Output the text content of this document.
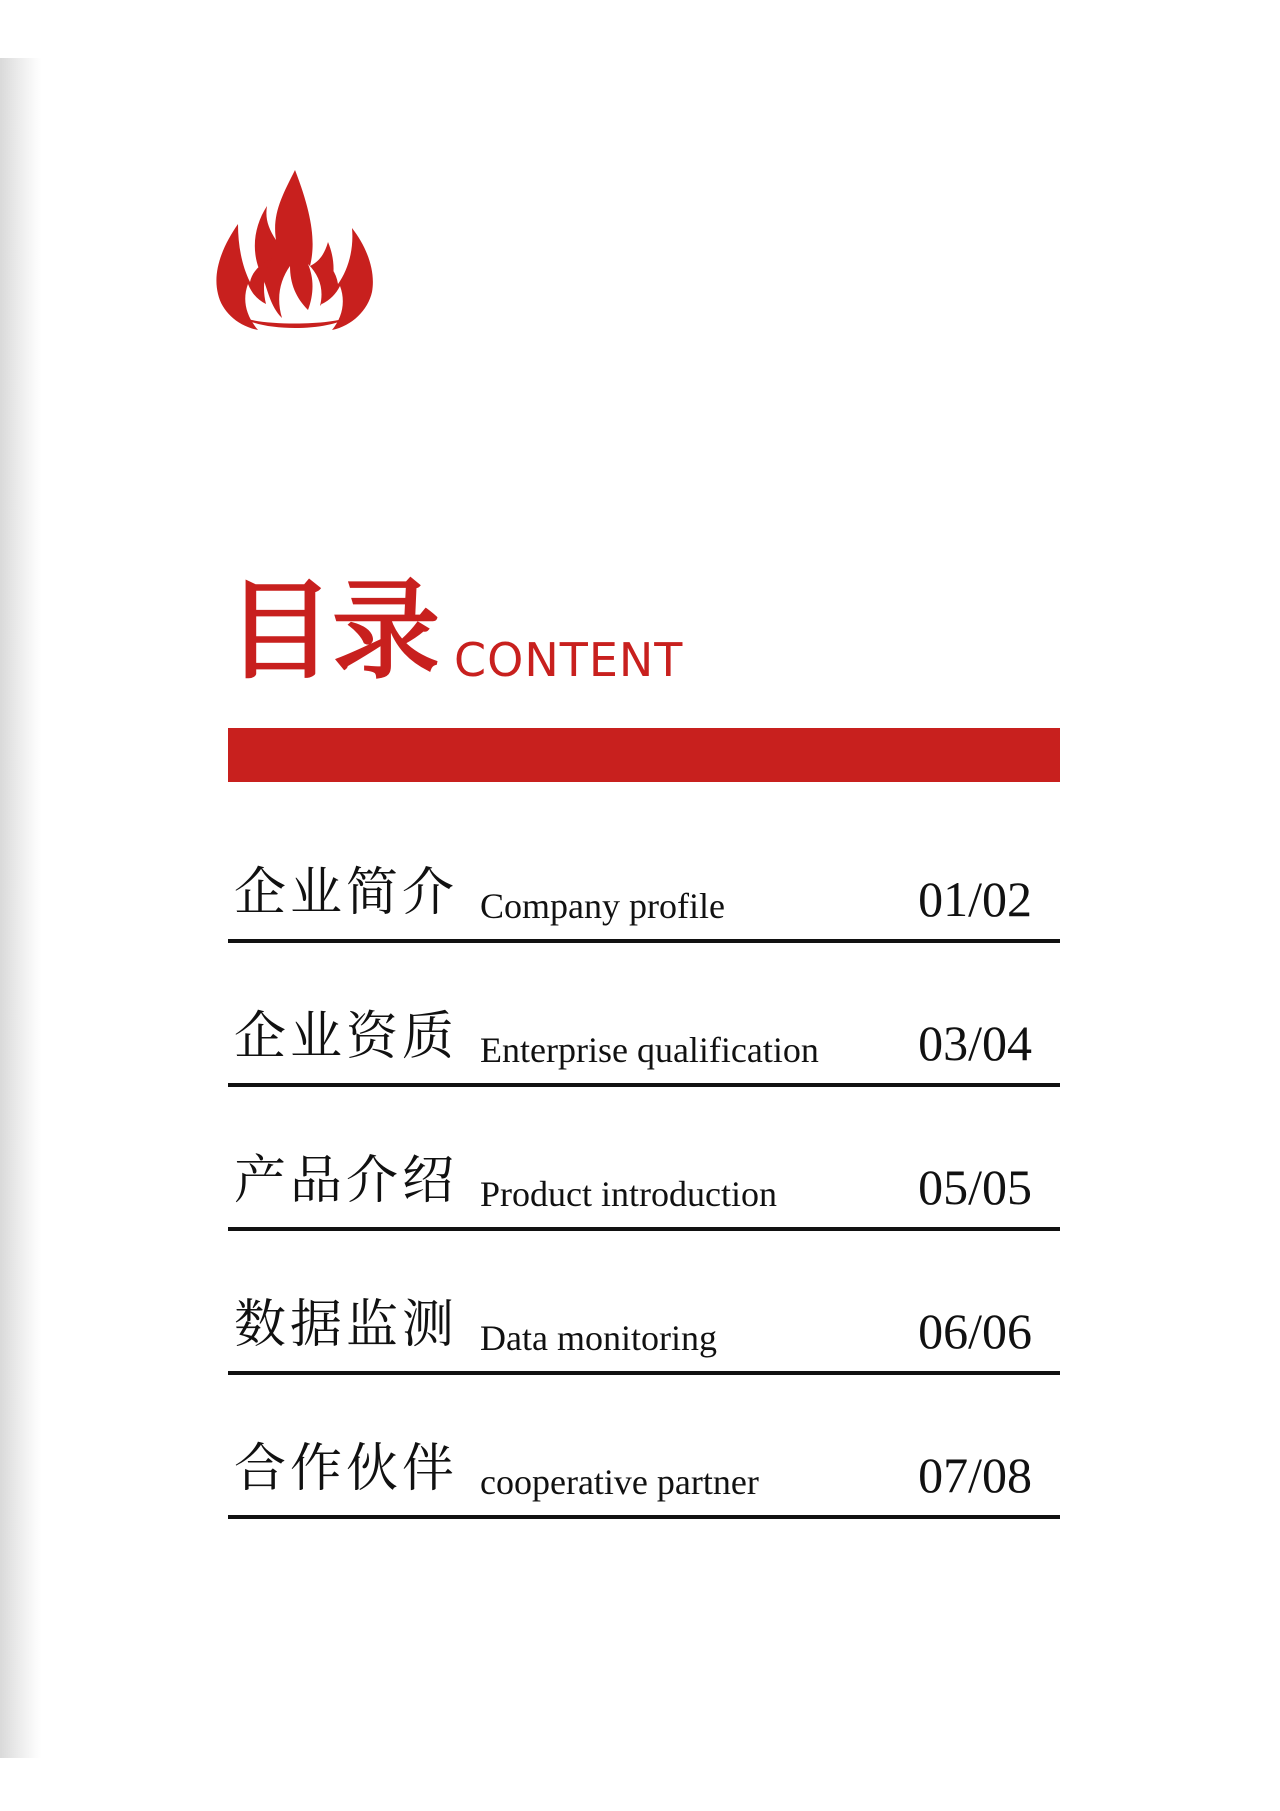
目录 CONTENT
企业简介 Company profile	01/02
企业资质 Enterprise qualification 03/04
产品介绍 Product introduction	05/05
数据监测 Data monitoring	06/06
合作伙伴 cooperative partner	07/08
